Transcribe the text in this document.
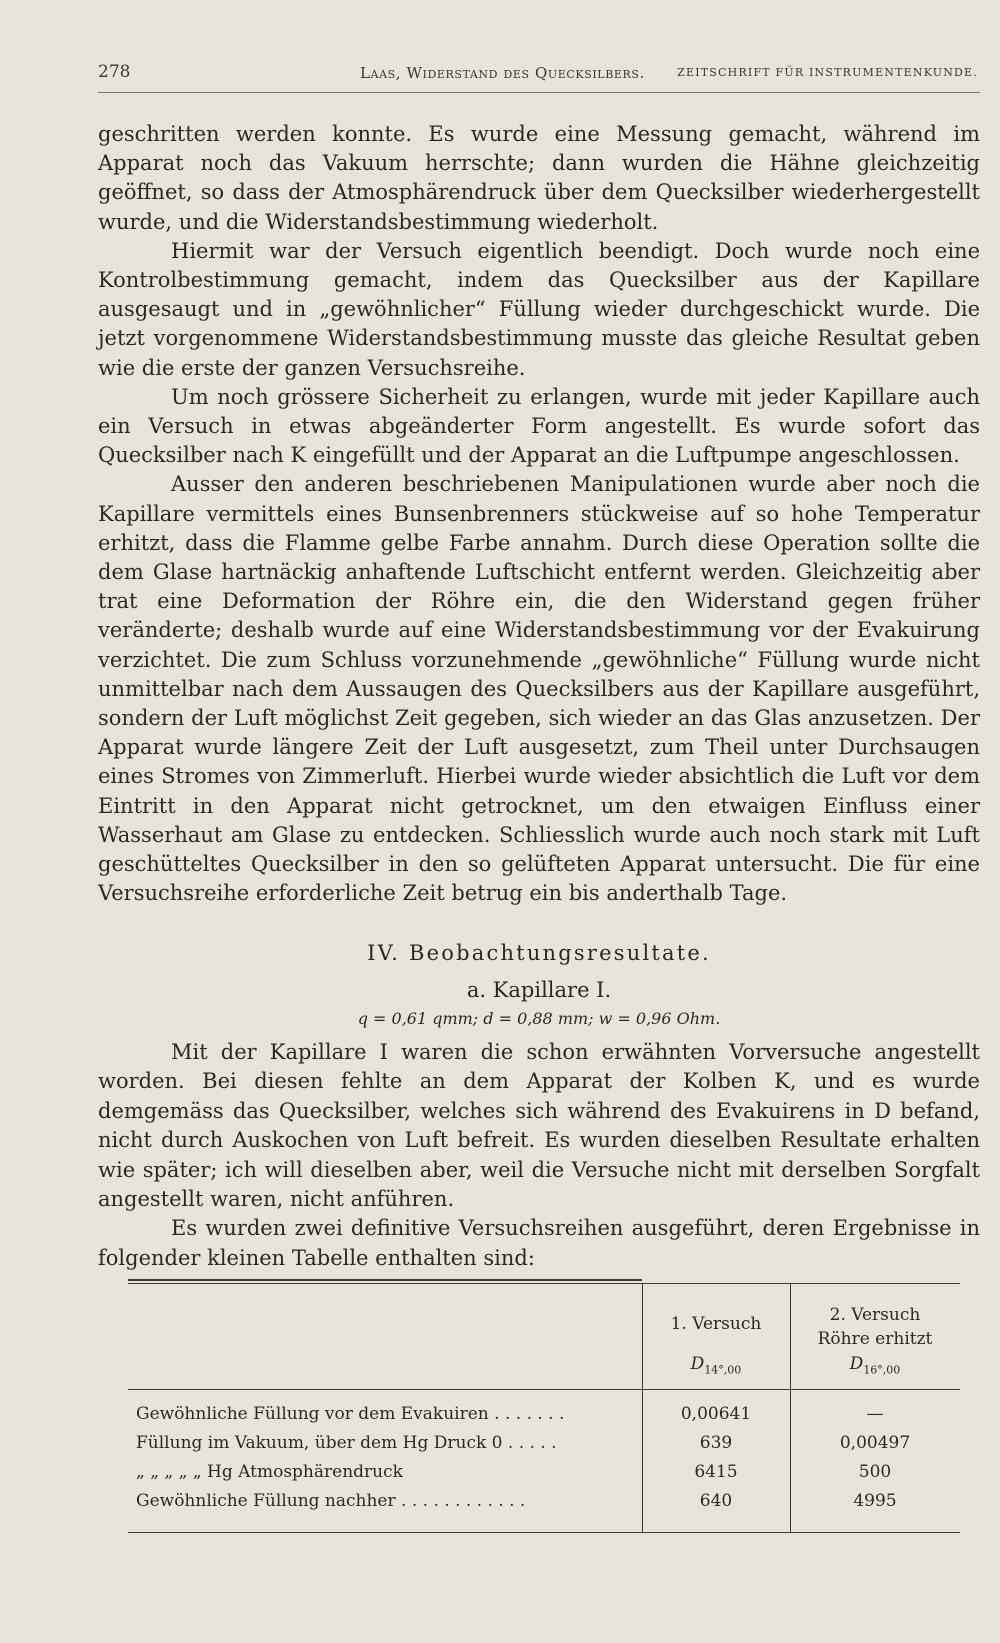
278	Laas, Widerstand des Quecksilbers.	ZEITSCHRIFT FÜR INSTRUMENTENKUNDE.

geschritten werden konnte. Es wurde eine Messung gemacht, während im Apparat noch das Vakuum herrschte; dann wurden die Hähne gleichzeitig geöffnet, so dass der Atmosphärendruck über dem Quecksilber wiederhergestellt wurde, und die Widerstandsbestimmung wiederholt.

Hiermit war der Versuch eigentlich beendigt. Doch wurde noch eine Kontrolbestimmung gemacht, indem das Quecksilber aus der Kapillare ausgesaugt und in „gewöhnlicher“ Füllung wieder durchgeschickt wurde. Die jetzt vorgenommene Widerstandsbestimmung musste das gleiche Resultat geben wie die erste der ganzen Versuchsreihe.

Um noch grössere Sicherheit zu erlangen, wurde mit jeder Kapillare auch ein Versuch in etwas abgeänderter Form angestellt. Es wurde sofort das Quecksilber nach K eingefüllt und der Apparat an die Luftpumpe angeschlossen.

Ausser den anderen beschriebenen Manipulationen wurde aber noch die Kapillare vermittels eines Bunsenbrenners stückweise auf so hohe Temperatur erhitzt, dass die Flamme gelbe Farbe annahm. Durch diese Operation sollte die dem Glase hartnäckig anhaftende Luftschicht entfernt werden. Gleichzeitig aber trat eine Deformation der Röhre ein, die den Widerstand gegen früher veränderte; deshalb wurde auf eine Widerstandsbestimmung vor der Evakuirung verzichtet. Die zum Schluss vorzunehmende „gewöhnliche“ Füllung wurde nicht unmittelbar nach dem Aussaugen des Quecksilbers aus der Kapillare ausgeführt, sondern der Luft möglichst Zeit gegeben, sich wieder an das Glas anzusetzen. Der Apparat wurde längere Zeit der Luft ausgesetzt, zum Theil unter Durchsaugen eines Stromes von Zimmerluft. Hierbei wurde wieder absichtlich die Luft vor dem Eintritt in den Apparat nicht getrocknet, um den etwaigen Einfluss einer Wasserhaut am Glase zu entdecken. Schliesslich wurde auch noch stark mit Luft geschütteltes Quecksilber in den so gelüfteten Apparat untersucht. Die für eine Versuchsreihe erforderliche Zeit betrug ein bis anderthalb Tage.

IV. Beobachtungsresultate.
a. Kapillare I.
q = 0,61 qmm; d = 0,88 mm; w = 0,96 Ohm.

Mit der Kapillare I waren die schon erwähnten Vorversuche angestellt worden. Bei diesen fehlte an dem Apparat der Kolben K, und es wurde demgemäss das Quecksilber, welches sich während des Evakuirens in D befand, nicht durch Auskochen von Luft befreit. Es wurden dieselben Resultate erhalten wie später; ich will dieselben aber, weil die Versuche nicht mit derselben Sorgfalt angestellt waren, nicht anführen.

Es wurden zwei definitive Versuchsreihen ausgeführt, deren Ergebnisse in folgender kleinen Tabelle enthalten sind:

1. Versuch	2. Versuch
Röhre erhitzt
$D_{14^\circ,00}$	$D_{16^\circ,00}$
Gewöhnliche Füllung vor dem Evakuiren . . . . . . .	0,00641	—
Füllung im Vakuum, über dem Hg Druck 0 . . . . .	639	0,00497
„ „ „ „ „ Hg Atmosphärendruck	6415	500
Gewöhnliche Füllung nachher . . . . . . . . . . . .	640	4995
